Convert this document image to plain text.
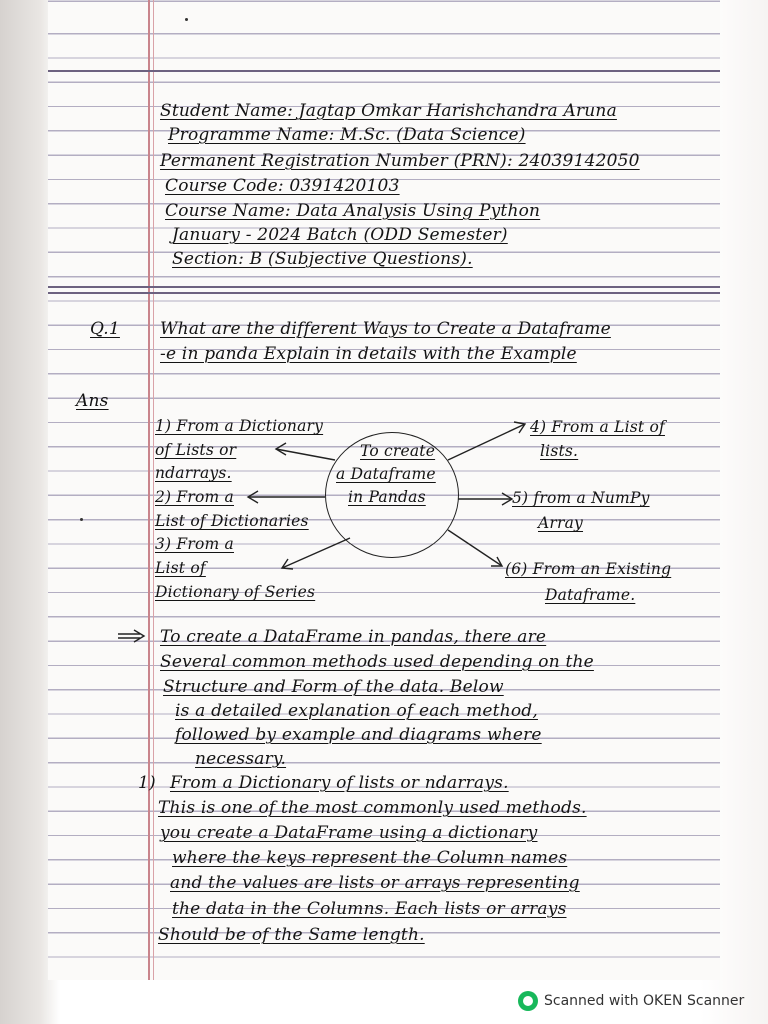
Student Name: Jagtap Omkar Harishchandra Aruna
Programme Name: M.Sc. (Data Science)
Permanent Registration Number (PRN): 24039142050
Course Code: 0391420103
Course Name: Data Analysis Using Python
January - 2024 Batch (ODD Semester)
Section: B (Subjective Questions).
Q.1 What are the different Ways to Create a Dataframe
-e in panda Explain in details with the Example
Ans
To create
a Dataframe
in Pandas
1) From a Dictionary
of Lists or
ndarrays.
2) From a
List of Dictionaries
3) From a
List of
Dictionary of Series
4) From a List of
lists.
5) from a NumPy
Array
(6) From an Existing
Dataframe.
To create a DataFrame in pandas, there are
Several common methods used depending on the
Structure and Form of the data. Below
is a detailed explanation of each method,
followed by example and diagrams where
necessary.
1) From a Dictionary of lists or ndarrays.
This is one of the most commonly used methods.
you create a DataFrame using a dictionary
where the keys represent the Column names
and the values are lists or arrays representing
the data in the Columns. Each lists or arrays
Should be of the Same length.
Scanned with OKEN Scanner
